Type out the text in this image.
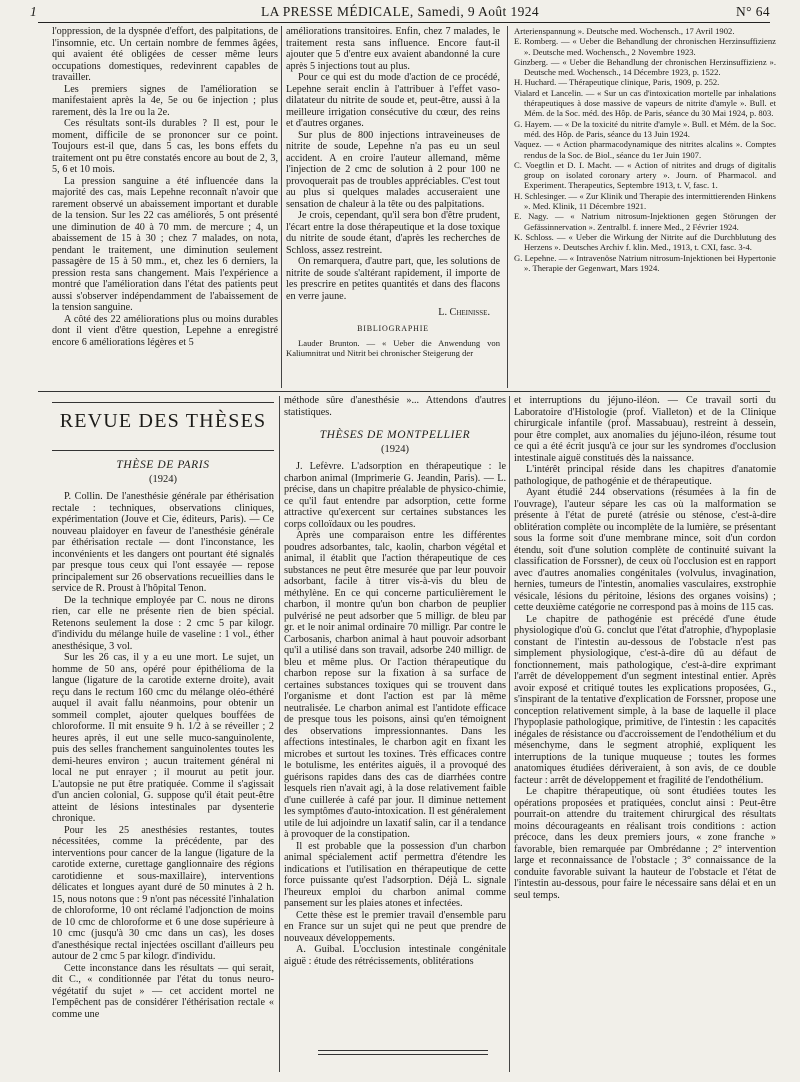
1	LA PRESSE MÉDICALE, Samedi, 9 Août 1924	N° 64

l'oppression, de la dyspnée d'effort, des palpitations, de l'insomnie, etc. Un certain nombre de femmes âgées, qui avaient été obligées de cesser même leurs occupations domestiques, redevinrent capables de travailler.

Les premiers signes de l'amélioration se manifestaient après la 4e, 5e ou 6e injection ; plus rarement, dès la 1re ou la 2e.

Ces résultats sont-ils durables ? Il est, pour le moment, difficile de se prononcer sur ce point. Toujours est-il que, dans 5 cas, les bons effets du traitement ont pu être constatés encore au bout de 2, 3, 5, 6 et 10 mois.

La pression sanguine a été influencée dans la majorité des cas, mais Lepehne reconnaît n'avoir que rarement observé un abaissement important et durable de la tension. Sur les 22 cas améliorés, 5 ont présenté une diminution de 40 à 70 mm. de mercure ; 4, un abaissement de 15 à 30 ; chez 7 malades, on nota, pendant le traitement, une diminution seulement passagère de 15 à 50 mm., et, chez les 6 derniers, la pression resta sans changement. Mais l'expérience a montré que l'amélioration dans l'état des patients peut aussi s'observer indépendamment de l'abaissement de la tension sanguine.

A côté des 22 améliorations plus ou moins durables dont il vient d'être question, Lepehne a enregistré encore 6 améliorations légères et 5

améliorations transitoires. Enfin, chez 7 malades, le traitement resta sans influence. Encore faut-il ajouter que 5 d'entre eux avaient abandonné la cure après 5 injections tout au plus.

Pour ce qui est du mode d'action de ce procédé, Lepehne serait enclin à l'attribuer à l'effet vaso-dilatateur du nitrite de soude et, peut-être, aussi à la meilleure irrigation consécutive du cœur, des reins et d'autres organes.

Sur plus de 800 injections intraveineuses de nitrite de soude, Lepehne n'a pas eu un seul accident. A en croire l'auteur allemand, même l'injection de 2 cmc de solution à 2 pour 100 ne provoquerait pas de troubles appréciables. C'est tout au plus si quelques malades accuseraient une sensation de chaleur à la tête ou des palpitations.

Je crois, cependant, qu'il sera bon d'être prudent, l'écart entre la dose thérapeutique et la dose toxique du nitrite de soude étant, d'après les recherches de Schloss, assez restreint.

On remarquera, d'autre part, que, les solutions de nitrite de soude s'altérant rapidement, il importe de les prescrire en petites quantités et dans des flacons en verre jaune.

L. Cheinisse.

BIBLIOGRAPHIE

Lauder Brunton. — « Ueber die Anwendung von Kaliumnitrat und Nitrit bei chronischer Steigerung der

Arterienspannung ». Deutsche med. Wochensch., 17 Avril 1902.

E. Romberg. — « Ueber die Behandlung der chronischen Herzinsuffizienz ». Deutsche med. Wochensch., 2 Novembre 1923.

Ginzberg. — « Ueber die Behandlung der chronischen Herzinsuffizienz ». Deutsche med. Wochensch., 14 Décembre 1923, p. 1522.

H. Huchard. — Thérapeutique clinique, Paris, 1909, p. 252.

Vialard et Lancelin. — « Sur un cas d'intoxication mortelle par inhalations thérapeutiques à dose massive de vapeurs de nitrite d'amyle ». Bull. et Mém. de la Soc. méd. des Hôp. de Paris, séance du 30 Mai 1924, p. 803.

G. Hayem. — « De la toxicité du nitrite d'amyle ». Bull. et Mém. de la Soc. méd. des Hôp. de Paris, séance du 13 Juin 1924.

Vaquez. — « Action pharmacodynamique des nitrites alcalins ». Comptes rendus de la Soc. de Biol., séance du 1er Juin 1907.

C. Voegtlin et D. I. Macht. — « Action of nitrites and drugs of digitalis group on isolated coronary artery ». Journ. of Pharmacol. and Experiment. Therapeutics, Septembre 1913, t. V, fasc. 1.

H. Schlesinger. — « Zur Klinik und Therapie des intermittierenden Hinkens ». Med. Klinik, 11 Décembre 1921.

E. Nagy. — « Natrium nitrosum-Injektionen gegen Störungen der Gefässinnervation ». Zentralbl. f. innere Med., 2 Février 1924.

K. Schloss. — « Ueber die Wirkung der Nitrite auf die Durchblutung des Herzens ». Deutsches Archiv f. klin. Med., 1913, t. CXI, fasc. 3-4.

G. Lepehne. — « Intravenöse Natrium nitrosum-Injektionen bei Hypertonie ». Therapie der Gegenwart, Mars 1924.

REVUE DES THÈSES
THÈSE DE PARIS
(1924)

P. Collin. De l'anesthésie générale par éthérisation rectale : techniques, observations cliniques, expérimentation (Jouve et Cie, éditeurs, Paris). — Ce nouveau plaidoyer en faveur de l'anesthésie générale par éthérisation rectale — dont l'inconstance, les inconvénients et les dangers ont pourtant été signalés par presque tous ceux qui l'ont essayée — repose principalement sur 26 observations recueillies dans le service de R. Proust à l'hôpital Tenon.

De la technique employée par C. nous ne dirons rien, car elle ne présente rien de bien spécial. Retenons seulement la dose : 2 cmc 5 par kilogr. d'individu du mélange huile de vaseline : 1 vol., éther anesthésique, 3 vol.

Sur les 26 cas, il y a eu une mort. Le sujet, un homme de 50 ans, opéré pour épithélioma de la langue (ligature de la carotide externe droite), avait reçu dans le rectum 160 cmc du mélange oléo-éthéré auquel il avait fallu néanmoins, pour obtenir un sommeil complet, ajouter quelques bouffées de chloroforme. Il mit ensuite 9 h. 1/2 à se réveiller ; 2 heures après, il eut une selle muco-sanguinolente, puis des selles franchement sanguinolentes toutes les demi-heures environ ; aucun traitement général ni local ne put enrayer ; il mourut au petit jour. L'autopsie ne put être pratiquée. Comme il s'agissait d'un ancien colonial, G. suppose qu'il était peut-être atteint de lésions intestinales par dysenterie chronique.

Pour les 25 anesthésies restantes, toutes nécessitées, comme la précédente, par des interventions pour cancer de la langue (ligature de la carotide externe, curettage ganglionnaire des régions carotidienne et sous-maxillaire), interventions délicates et longues ayant duré de 50 minutes à 2 h. 15, nous notons que : 9 n'ont pas nécessité l'inhalation de chloroforme, 10 ont réclamé l'adjonction de moins de 10 cmc de chloroforme et 6 une dose supérieure à 10 cmc (jusqu'à 30 cmc dans un cas), les doses d'anesthésique rectal injectées oscillant d'ailleurs peu autour de 2 cmc 5 par kilogr. d'individu.

Cette inconstance dans les résultats — qui serait, dit C., « conditionnée par l'état du tonus neuro-végétatif du sujet » — cet accident mortel ne l'empêchent pas de considérer l'éthérisation rectale « comme une

méthode sûre d'anesthésie »... Attendons d'autres statistiques.

THÈSES DE MONTPELLIER
(1924)

J. Lefèvre. L'adsorption en thérapeutique : le charbon animal (Imprimerie G. Jeandin, Paris). — L. précise, dans un chapitre préalable de physico-chimie, ce qu'il faut entendre par adsorption, cette forme attractive qu'exercent sur certaines substances les corps colloïdaux ou les poudres.

Après une comparaison entre les différentes poudres adsorbantes, talc, kaolin, charbon végétal et animal, il établit que l'action thérapeutique de ces substances ne peut être mesurée que par leur pouvoir adsorbant, facile à titrer vis-à-vis du bleu de méthylène. En ce qui concerne particulièrement le charbon, il montre qu'un bon charbon de peuplier pulvérisé ne peut adsorber que 5 milligr. de bleu par gr. et le noir animal ordinaire 70 milligr. Par contre le Carbosanis, charbon animal à haut pouvoir adsorbant qu'il a utilisé dans son travail, adsorbe 240 milligr. de bleu et même plus. Or l'action thérapeutique du charbon repose sur la fixation à sa surface de certaines substances toxiques qui se trouvent dans l'organisme et dont l'action est par là même neutralisée. Le charbon animal est l'antidote efficace de presque tous les poisons, ainsi qu'en témoignent des observations impressionnantes. Dans les affections intestinales, le charbon agit en fixant les microbes et surtout les toxines. Très efficaces contre le botulisme, les entérites aiguës, il a provoqué des guérisons rapides dans des cas de diarrhées contre lesquels rien n'avait agi, à la dose relativement faible d'une cuillerée à café par jour. Il diminue nettement les symptômes d'auto-intoxication. Il est généralement utile de lui adjoindre un laxatif salin, car il a tendance à provoquer de la constipation.

Il est probable que la possession d'un charbon animal spécialement actif permettra d'étendre les indications et l'utilisation en thérapeutique de cette force puissante qu'est l'adsorption. Déjà L. signale l'heureux emploi du charbon animal comme pansement sur les plaies atones et infectées.

Cette thèse est le premier travail d'ensemble paru en France sur un sujet qui ne peut que prendre de nouveaux développements.

A. Guibal. L'occlusion intestinale congénitale aiguë : étude des rétrécissements, oblitérations

et interruptions du jéjuno-iléon. — Ce travail sorti du Laboratoire d'Histologie (prof. Vialleton) et de la Clinique chirurgicale infantile (prof. Massabuau), restreint à dessein, pour être complet, aux anomalies du jéjuno-iléon, résume tout ce qui a été écrit jusqu'à ce jour sur les syndromes d'occlusion intestinale aiguë constitués dès la naissance.

L'intérêt principal réside dans les chapitres d'anatomie pathologique, de pathogénie et de thérapeutique.

Ayant étudié 244 observations (résumées à la fin de l'ouvrage), l'auteur sépare les cas où la malformation se présente à l'état de pureté (atrésie ou sténose, c'est-à-dire oblitération complète ou incomplète de la lumière, se présentant sous la forme soit d'une membrane mince, soit d'un cordon étendu, soit d'une solution complète de continuité suivant la classification de Forssner), de ceux où l'occlusion est en rapport avec d'autres anomalies congénitales (volvulus, invagination, hernies, tumeurs de l'intestin, anomalies vasculaires, exstrophie vésicale, lésions du péritoine, lésions des organes voisins) ; cette deuxième catégorie ne correspond pas à moins de 115 cas.

Le chapitre de pathogénie est précédé d'une étude physiologique d'où G. conclut que l'état d'atrophie, d'hypoplasie constant de l'intestin au-dessous de l'obstacle n'est pas simplement physiologique, c'est-à-dire dû au défaut de fonctionnement, mais pathologique, c'est-à-dire exprimant l'arrêt de développement d'un segment intestinal entier. Après avoir exposé et critiqué toutes les explications proposées, G., s'inspirant de la tentative d'explication de Forssner, propose une conception relativement simple, à la base de laquelle il place l'hypoplasie pathologique, primitive, de l'intestin : les capacités inégales de résistance ou d'accroissement de l'endothélium et du mésenchyme, dans le segment atrophié, expliquent les interruptions de la tunique muqueuse ; toutes les formes anatomiques étudiées dériveraient, à son avis, de ce double facteur : arrêt de développement et fragilité de l'endothélium.

Le chapitre thérapeutique, où sont étudiées toutes les opérations proposées et pratiquées, conclut ainsi : Peut-être pourrait-on attendre du traitement chirurgical des résultats moins décourageants en réalisant trois conditions : action précoce, dans les deux premiers jours, « zone franche » favorable, bien remarquée par Ombrédanne ; 2° intervention large et reconnaissance de l'obstacle ; 3° connaissance de la conduite favorable suivant la hauteur de l'obstacle et l'état de l'intestin au-dessous, pour faire le nécessaire sans délai et en un seul temps.
